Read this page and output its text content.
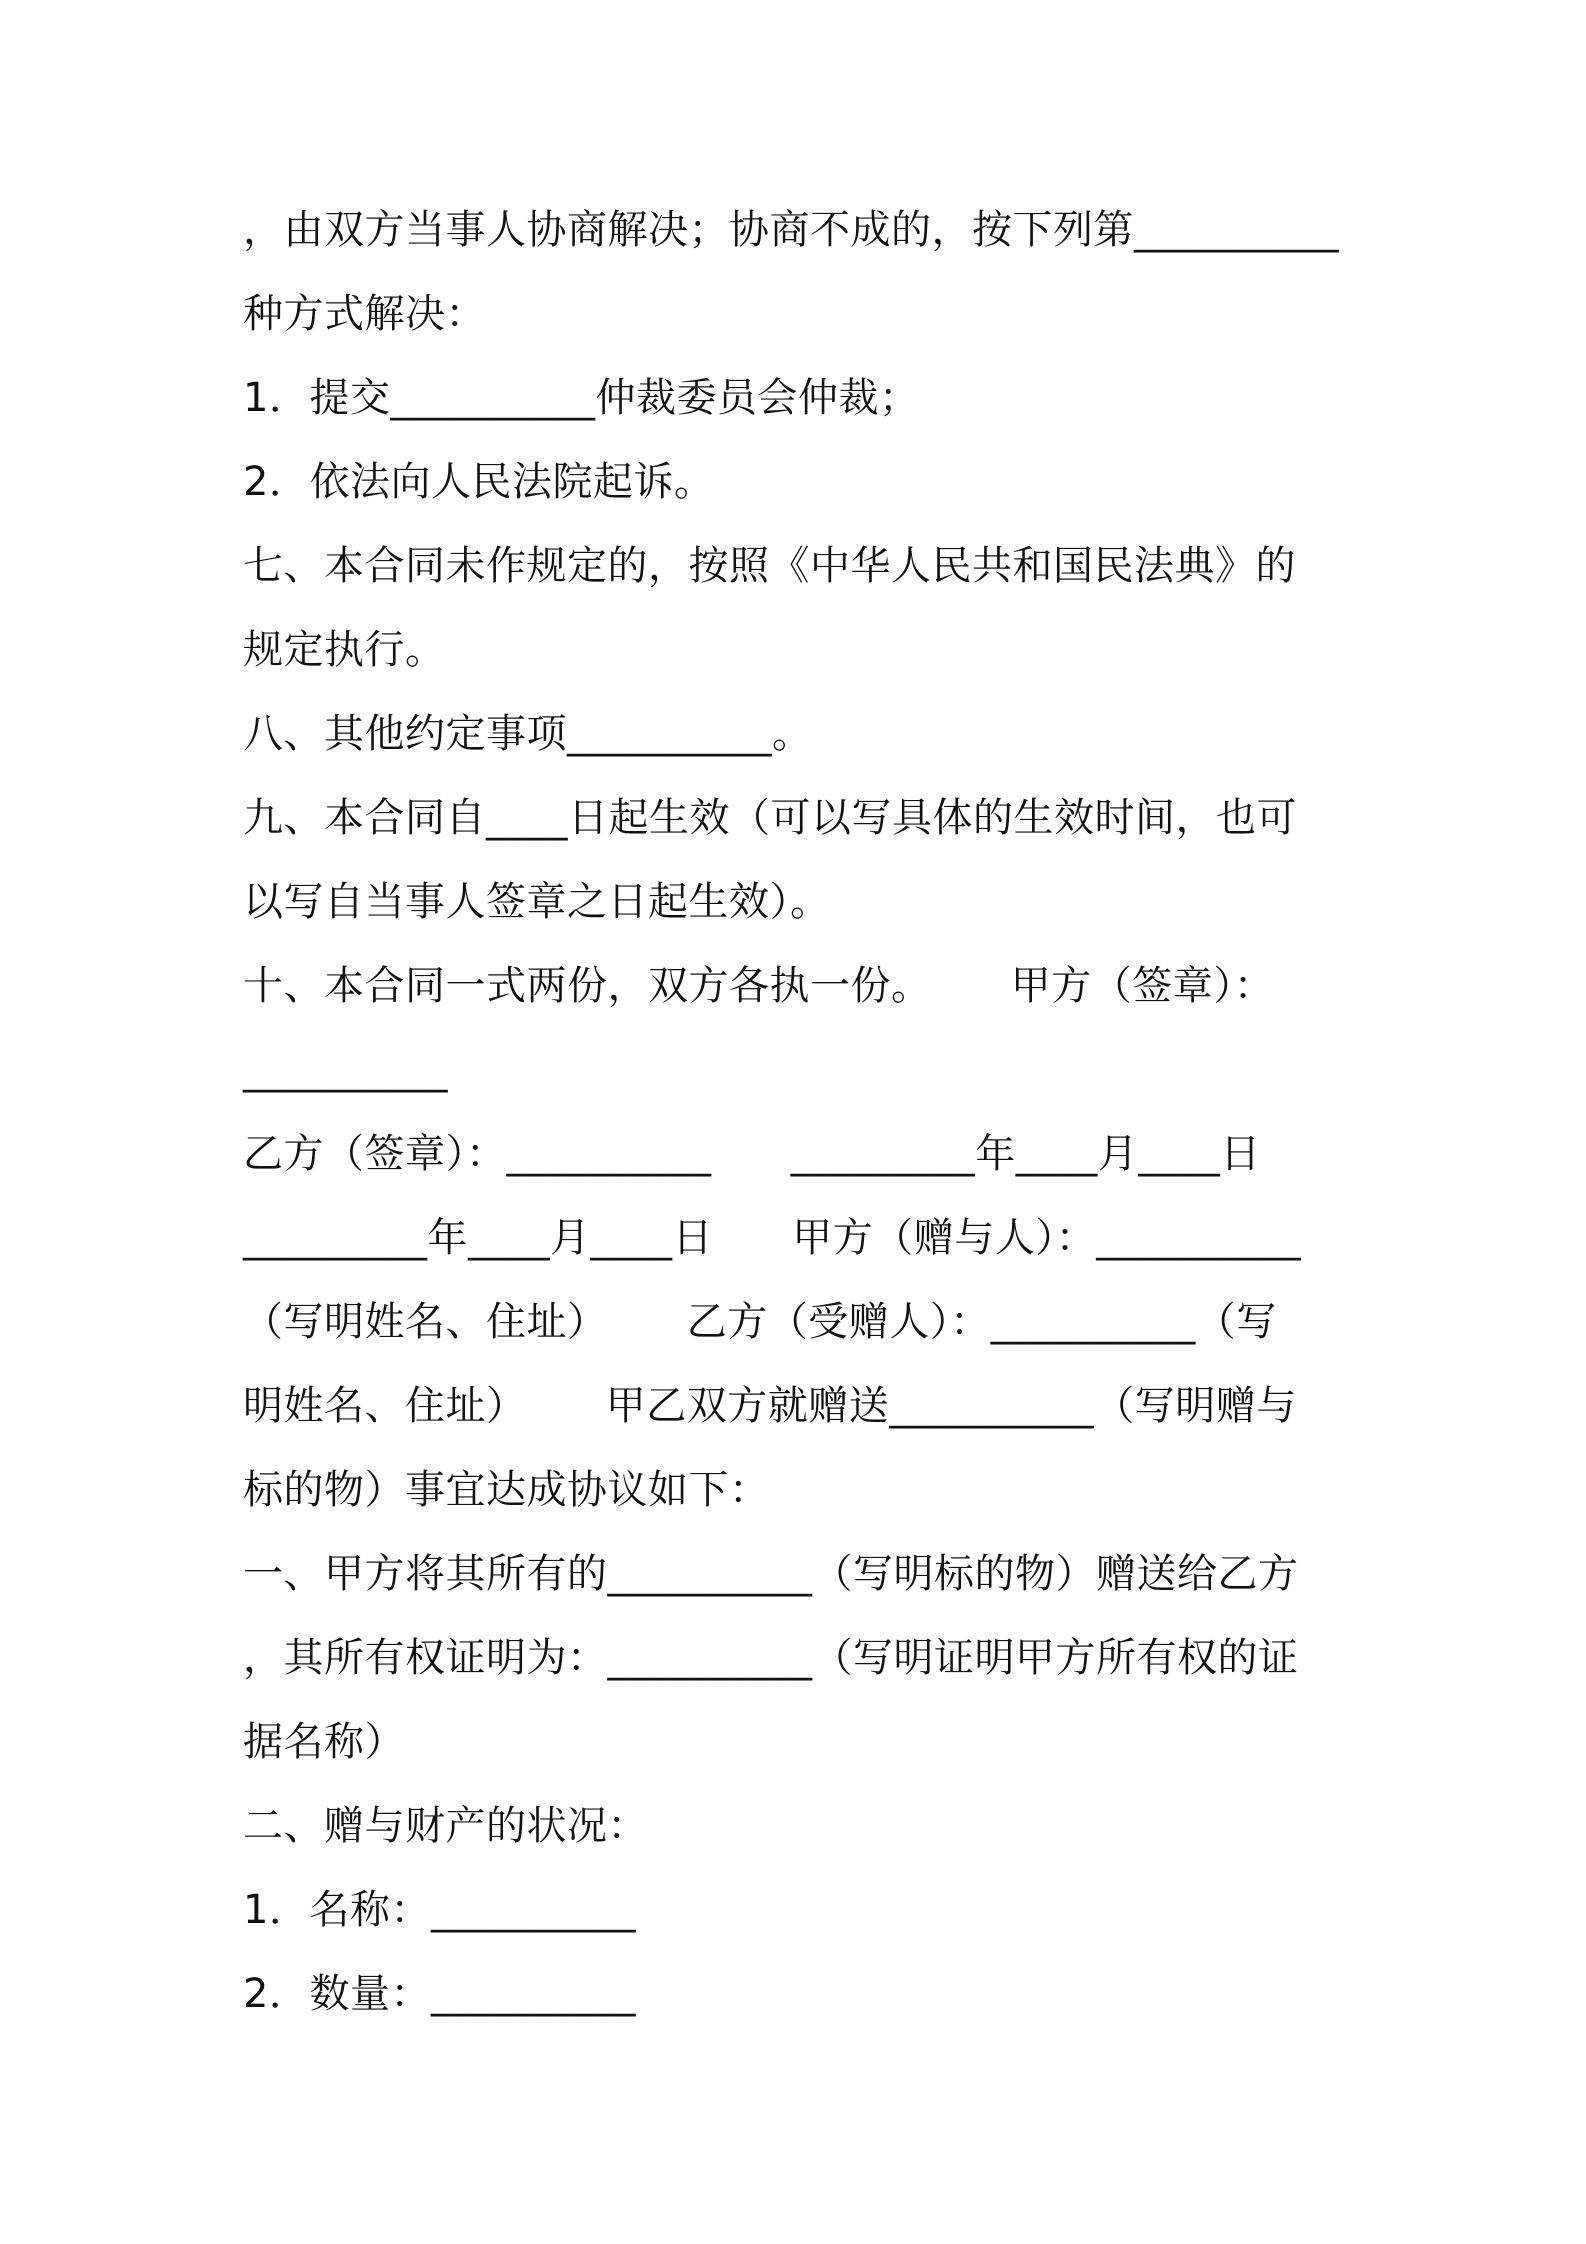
，由双方当事人协商解决；协商不成的，按下列第__________
种方式解决：
1．提交__________仲裁委员会仲裁；
2．依法向人民法院起诉。
七、本合同未作规定的，按照《中华人民共和国民法典》的
规定执行。
八、其他约定事项__________。
九、本合同自____日起生效（可以写具体的生效时间，也可
以写自当事人签章之日起生效）。
十、本合同一式两份，双方各执一份。      甲方（签章）：
__________
乙方（签章）：__________      _________年____月____日
_________年____月____日      甲方（赠与人）：__________
（写明姓名、住址）      乙方（受赠人）：__________（写
明姓名、住址）      甲乙双方就赠送__________（写明赠与
标的物）事宜达成协议如下：
一、甲方将其所有的__________（写明标的物）赠送给乙方
，其所有权证明为：__________（写明证明甲方所有权的证
据名称）
二、赠与财产的状况：
1．名称：__________
2．数量：__________
